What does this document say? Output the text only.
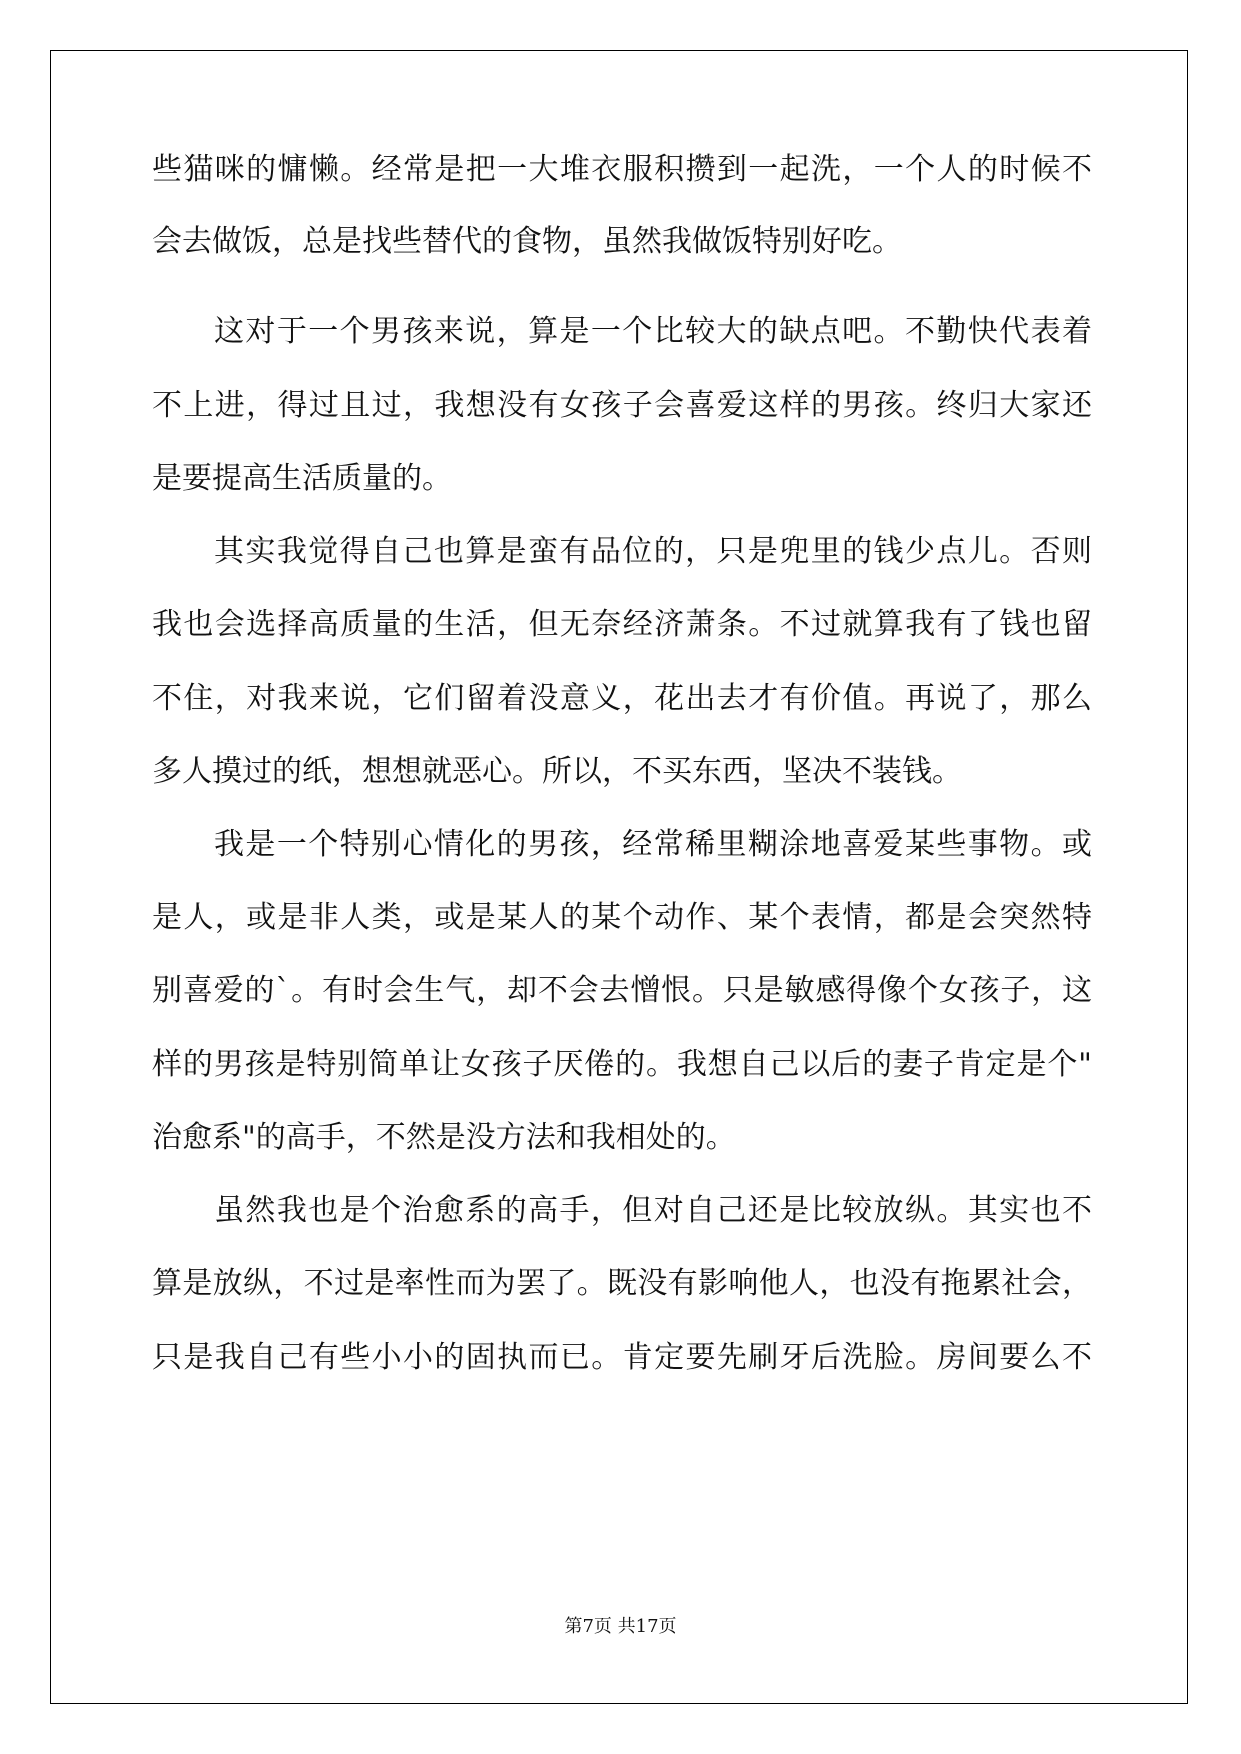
些猫咪的慵懒。经常是把一大堆衣服积攒到一起洗，一个人的时候不
会去做饭，总是找些替代的食物，虽然我做饭特别好吃。
这对于一个男孩来说，算是一个比较大的缺点吧。不勤快代表着
不上进，得过且过，我想没有女孩子会喜爱这样的男孩。终归大家还
是要提高生活质量的。
其实我觉得自己也算是蛮有品位的，只是兜里的钱少点儿。否则
我也会选择高质量的生活，但无奈经济萧条。不过就算我有了钱也留
不住，对我来说，它们留着没意义，花出去才有价值。再说了，那么
多人摸过的纸，想想就恶心。所以，不买东西，坚决不装钱。
我是一个特别心情化的男孩，经常稀里糊涂地喜爱某些事物。或
是人，或是非人类，或是某人的某个动作、某个表情，都是会突然特
别喜爱的`。有时会生气，却不会去憎恨。只是敏感得像个女孩子，这
样的男孩是特别简单让女孩子厌倦的。我想自己以后的妻子肯定是个"
治愈系"的高手，不然是没方法和我相处的。
虽然我也是个治愈系的高手，但对自己还是比较放纵。其实也不
算是放纵，不过是率性而为罢了。既没有影响他人，也没有拖累社会，
只是我自己有些小小的固执而已。肯定要先刷牙后洗脸。房间要么不
第7页 共17页
